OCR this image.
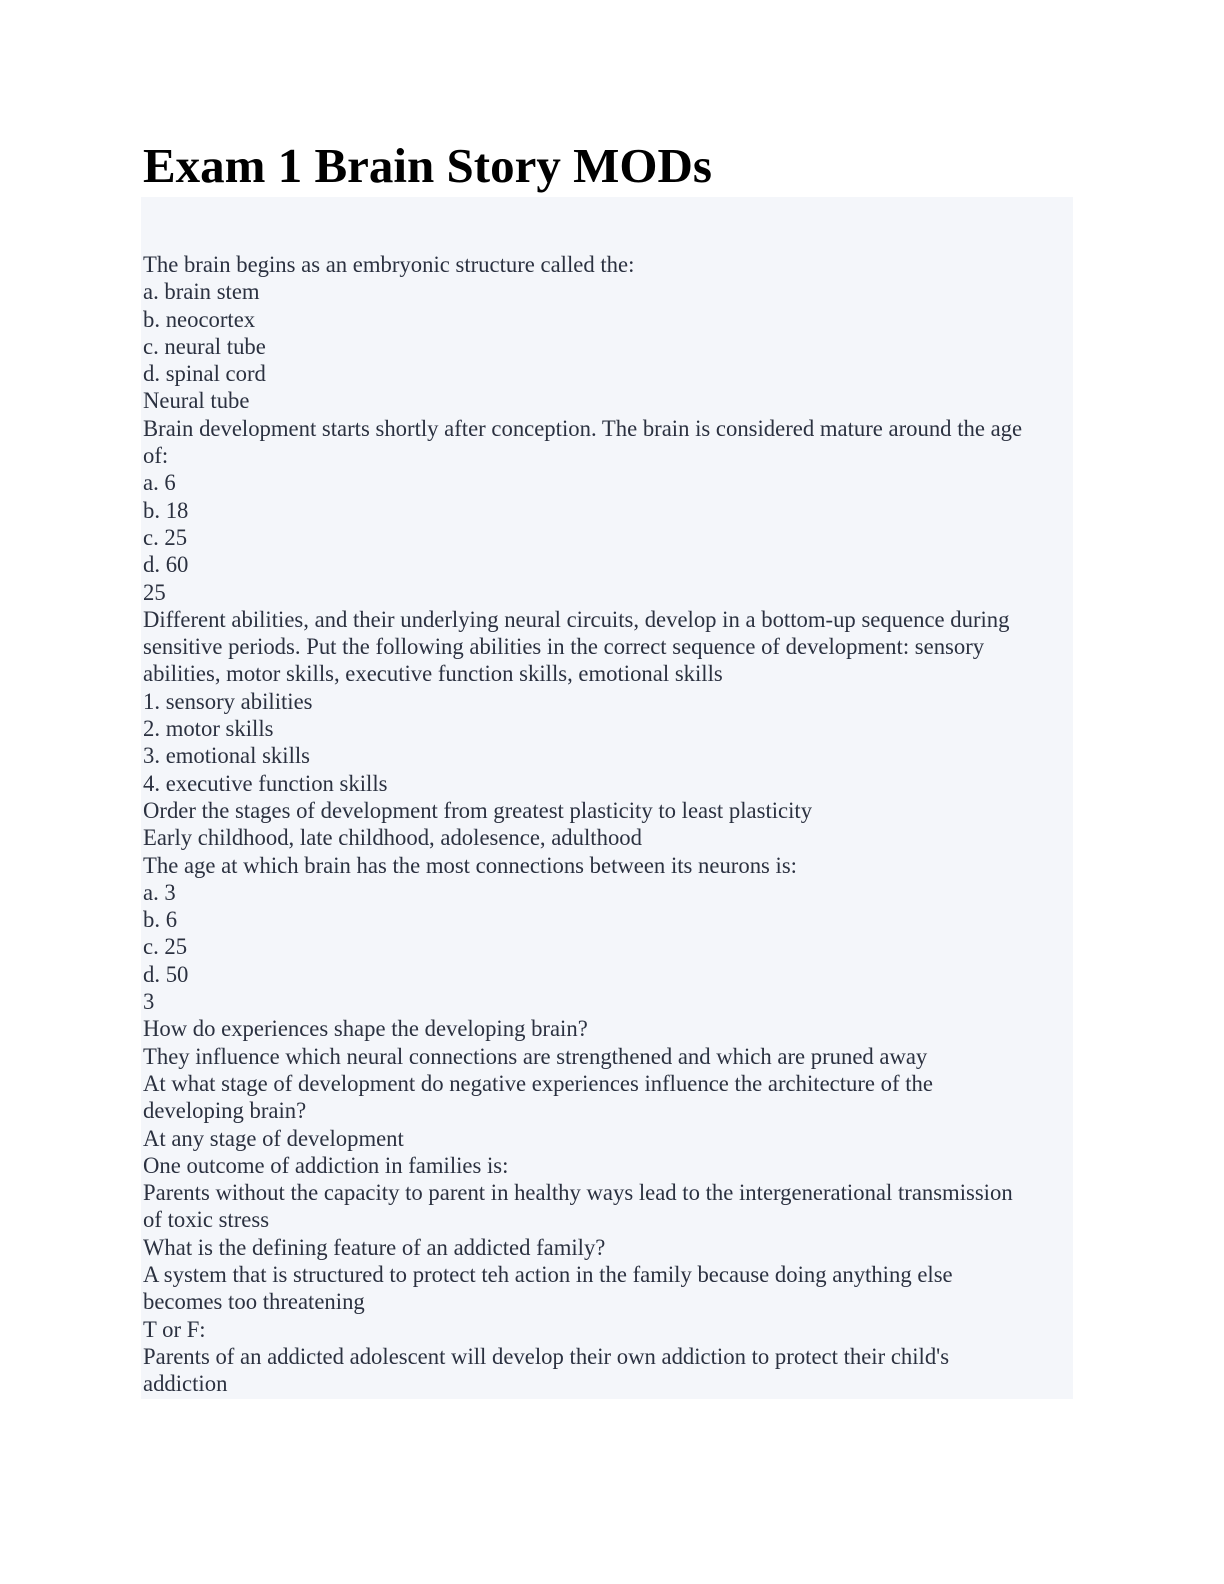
Exam 1 Brain Story MODs
The brain begins as an embryonic structure called the:
a. brain stem
b. neocortex
c. neural tube
d. spinal cord
Neural tube
Brain development starts shortly after conception. The brain is considered mature around the age
of:
a. 6
b. 18
c. 25
d. 60
25
Different abilities, and their underlying neural circuits, develop in a bottom-up sequence during
sensitive periods. Put the following abilities in the correct sequence of development: sensory
abilities, motor skills, executive function skills, emotional skills
1. sensory abilities
2. motor skills
3. emotional skills
4. executive function skills
Order the stages of development from greatest plasticity to least plasticity
Early childhood, late childhood, adolesence, adulthood
The age at which brain has the most connections between its neurons is:
a. 3
b. 6
c. 25
d. 50
3
How do experiences shape the developing brain?
They influence which neural connections are strengthened and which are pruned away
At what stage of development do negative experiences influence the architecture of the
developing brain?
At any stage of development
One outcome of addiction in families is:
Parents without the capacity to parent in healthy ways lead to the intergenerational transmission
of toxic stress
What is the defining feature of an addicted family?
A system that is structured to protect teh action in the family because doing anything else
becomes too threatening
T or F:
Parents of an addicted adolescent will develop their own addiction to protect their child's
addiction
